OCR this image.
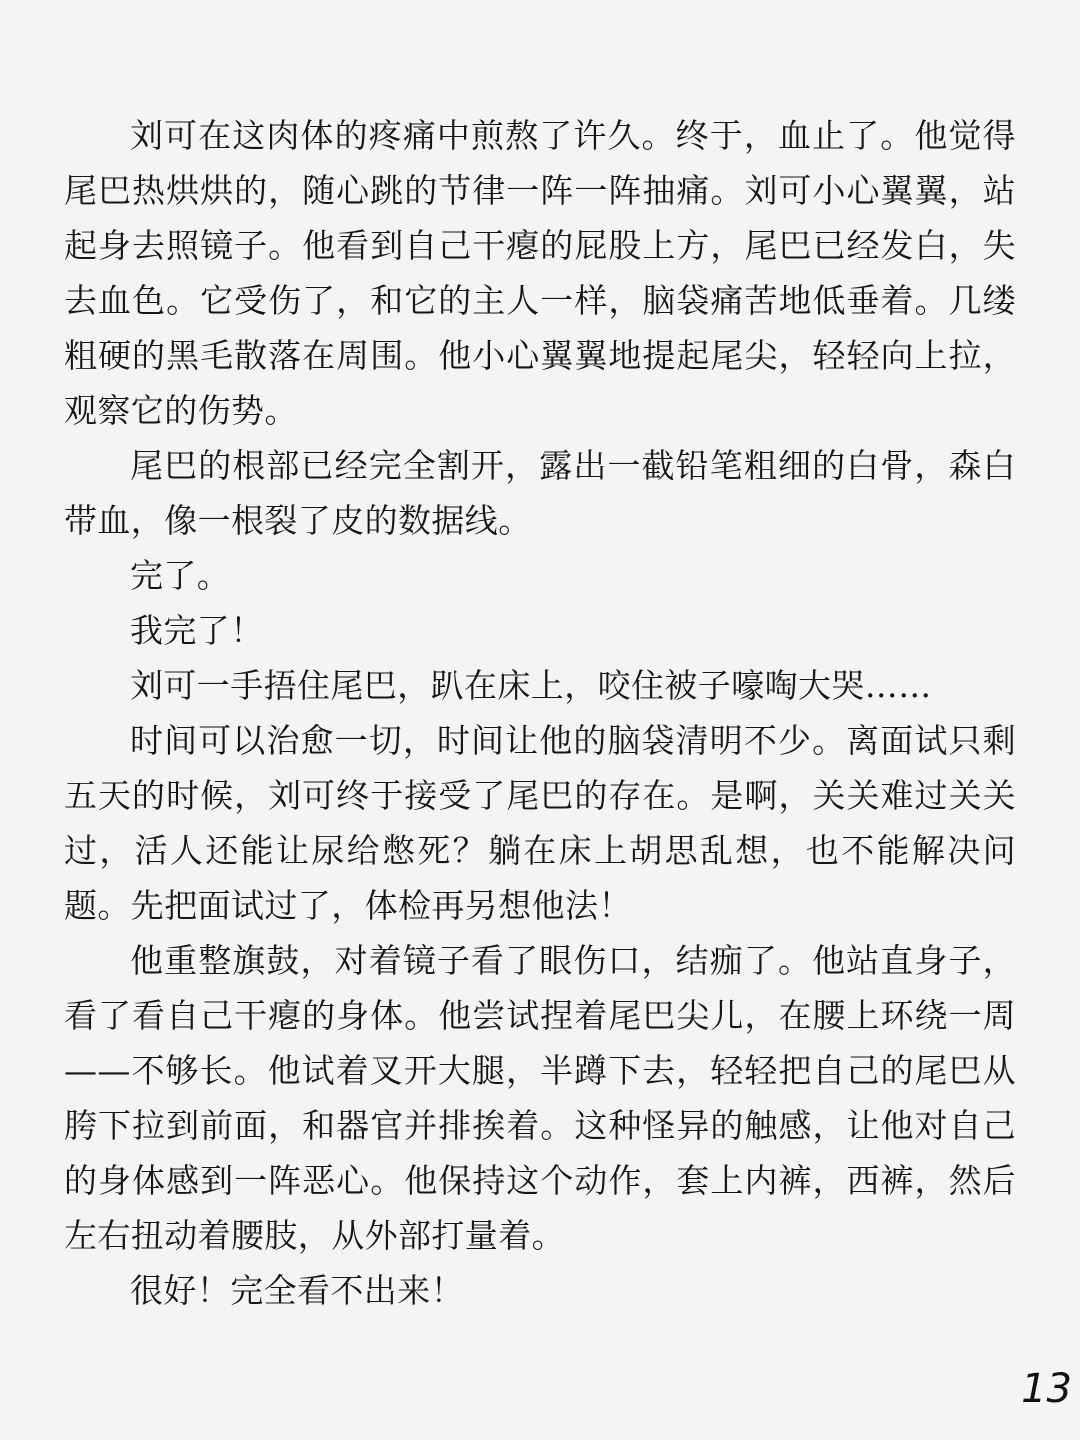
刘可在这肉体的疼痛中煎熬了许久。终于，血止了。他觉得尾巴热烘烘的，随心跳的节律一阵一阵抽痛。刘可小心翼翼，站起身去照镜子。他看到自己干瘪的屁股上方，尾巴已经发白，失去血色。它受伤了，和它的主人一样，脑袋痛苦地低垂着。几缕粗硬的黑毛散落在周围。他小心翼翼地提起尾尖，轻轻向上拉，观察它的伤势。

尾巴的根部已经完全割开，露出一截铅笔粗细的白骨，森白带血，像一根裂了皮的数据线。

完了。

我完了！

刘可一手捂住尾巴，趴在床上，咬住被子嚎啕大哭……

时间可以治愈一切，时间让他的脑袋清明不少。离面试只剩五天的时候，刘可终于接受了尾巴的存在。是啊，关关难过关关过，活人还能让尿给憋死？躺在床上胡思乱想，也不能解决问题。先把面试过了，体检再另想他法！

他重整旗鼓，对着镜子看了眼伤口，结痂了。他站直身子，看了看自己干瘪的身体。他尝试捏着尾巴尖儿，在腰上环绕一周——不够长。他试着叉开大腿，半蹲下去，轻轻把自己的尾巴从胯下拉到前面，和器官并排挨着。这种怪异的触感，让他对自己的身体感到一阵恶心。他保持这个动作，套上内裤，西裤，然后左右扭动着腰肢，从外部打量着。

很好！完全看不出来！

13
